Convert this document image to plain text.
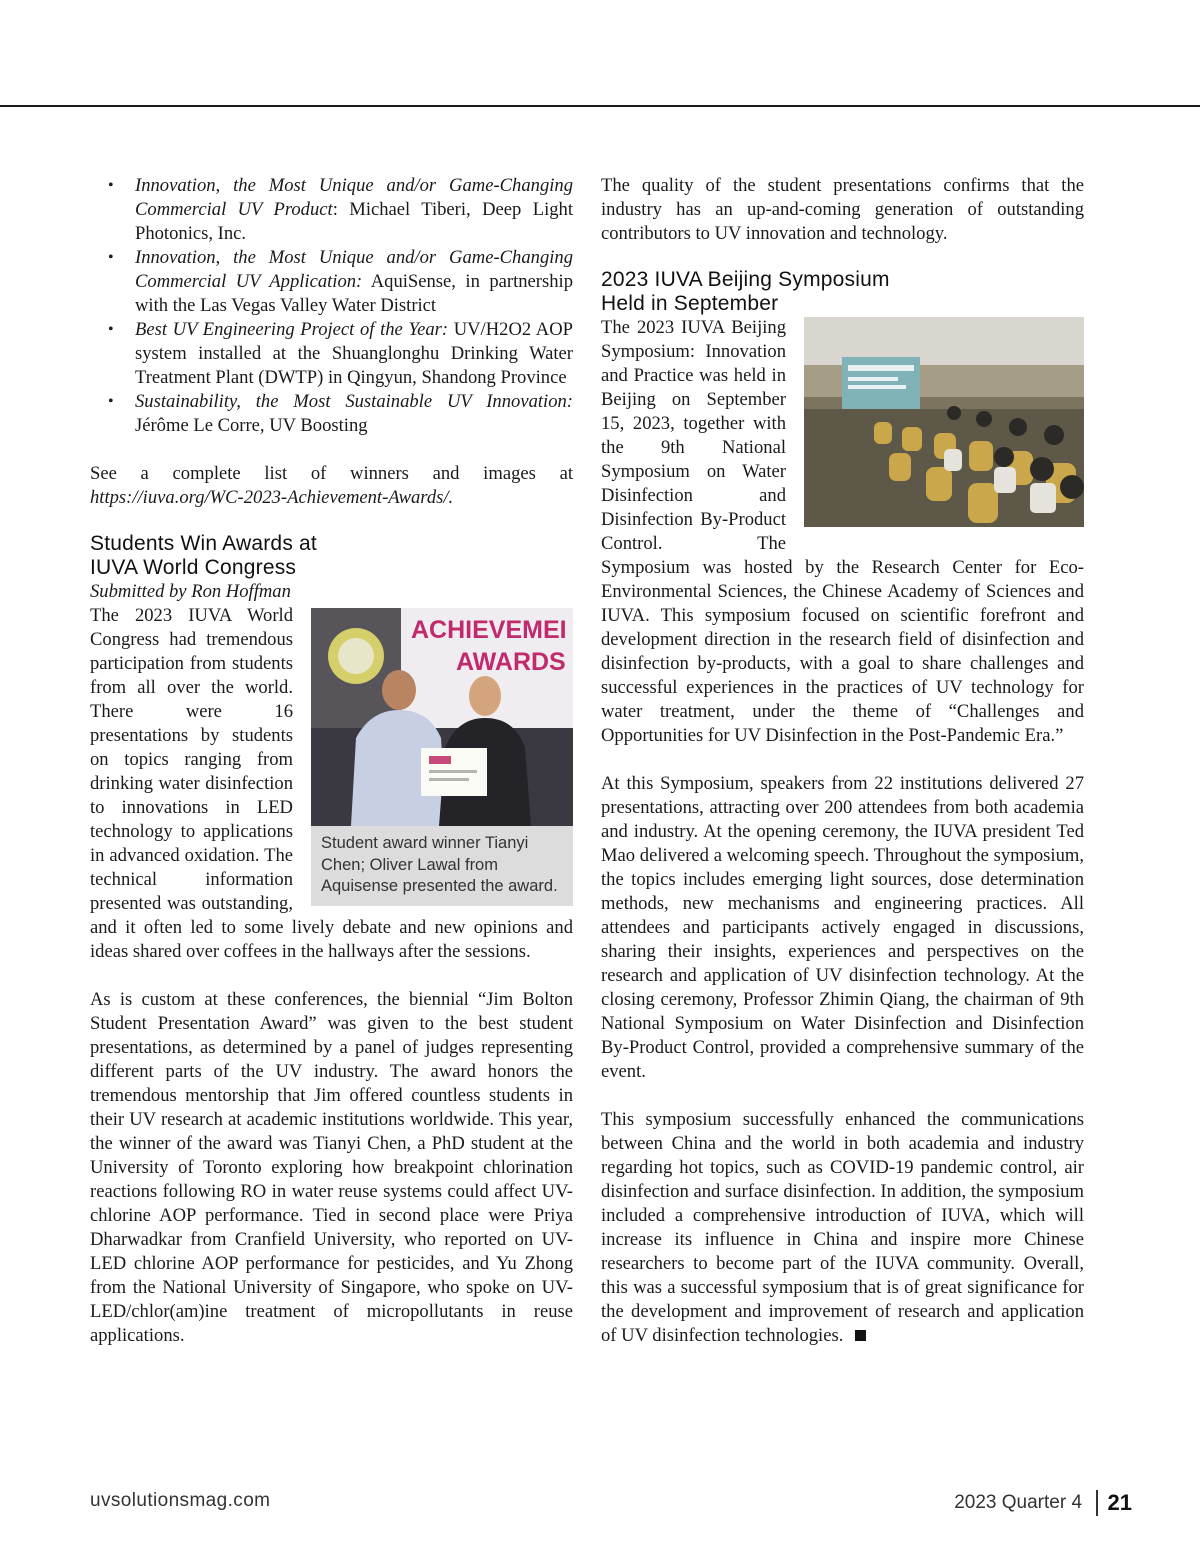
• Innovation, the Most Unique and/or Game-Changing Commercial UV Product: Michael Tiberi, Deep Light Photonics, Inc.
• Innovation, the Most Unique and/or Game-Changing Commercial UV Application: AquiSense, in partnership with the Las Vegas Valley Water District
• Best UV Engineering Project of the Year: UV/H2O2 AOP system installed at the Shuanglonghu Drinking Water Treatment Plant (DWTP) in Qingyun, Shandong Province
• Sustainability, the Most Sustainable UV Innovation: Jérôme Le Corre, UV Boosting

See a complete list of winners and images at https://iuva.org/WC-2023-Achievement-Awards/.

Students Win Awards at
IUVA World Congress

Submitted by Ron Hoffman

ACHIEVEMEI
AWARDS
Student award winner Tianyi Chen; Oliver Lawal from Aquisense presented the award.

The 2023 IUVA World Congress had tremendous participation from students from all over the world. There were 16 presentations by students on topics ranging from drinking water disinfection to innovations in LED technology to applications in advanced oxidation. The technical information presented was outstanding, and it often led to some lively debate and new opinions and ideas shared over coffees in the hallways after the sessions.

As is custom at these conferences, the biennial “Jim Bolton Student Presentation Award” was given to the best student presentations, as determined by a panel of judges representing different parts of the UV industry. The award honors the tremendous mentorship that Jim offered countless students in their UV research at academic institutions worldwide. This year, the winner of the award was Tianyi Chen, a PhD student at the University of Toronto exploring how breakpoint chlorination reactions following RO in water reuse systems could affect UV-chlorine AOP performance. Tied in second place were Priya Dharwadkar from Cranfield University, who reported on UV-LED chlorine AOP performance for pesticides, and Yu Zhong from the National University of Singapore, who spoke on UV-LED/chlor(am)ine treatment of micropollutants in reuse applications.

The quality of the student presentations confirms that the industry has an up-and-coming generation of outstanding contributors to UV innovation and technology.

2023 IUVA Beijing Symposium
Held in September

The 2023 IUVA Beijing Symposium: Innovation and Practice was held in Beijing on September 15, 2023, together with the 9th National Symposium on Water Disinfection and Disinfection By-Product Control. The Symposium was hosted by the Research Center for Eco-Environmental Sciences, the Chinese Academy of Sciences and IUVA. This symposium focused on scientific forefront and development direction in the research field of disinfection and disinfection by-products, with a goal to share challenges and successful experiences in the practices of UV technology for water treatment, under the theme of “Challenges and Opportunities for UV Disinfection in the Post-Pandemic Era.”

At this Symposium, speakers from 22 institutions delivered 27 presentations, attracting over 200 attendees from both academia and industry. At the opening ceremony, the IUVA president Ted Mao delivered a welcoming speech. Throughout the symposium, the topics includes emerging light sources, dose determination methods, new mechanisms and engineering practices. All attendees and participants actively engaged in discussions, sharing their insights, experiences and perspectives on the research and application of UV disinfection technology. At the closing ceremony, Professor Zhimin Qiang, the chairman of 9th National Symposium on Water Disinfection and Disinfection By-Product Control, provided a comprehensive summary of the event.

This symposium successfully enhanced the communications between China and the world in both academia and industry regarding hot topics, such as COVID-19 pandemic control, air disinfection and surface disinfection. In addition, the symposium included a comprehensive introduction of IUVA, which will increase its influence in China and inspire more Chinese researchers to become part of the IUVA community. Overall, this was a successful symposium that is of great significance for the development and improvement of research and application of UV disinfection technologies.

uvsolutionsmag.com	2023 Quarter 4 21
